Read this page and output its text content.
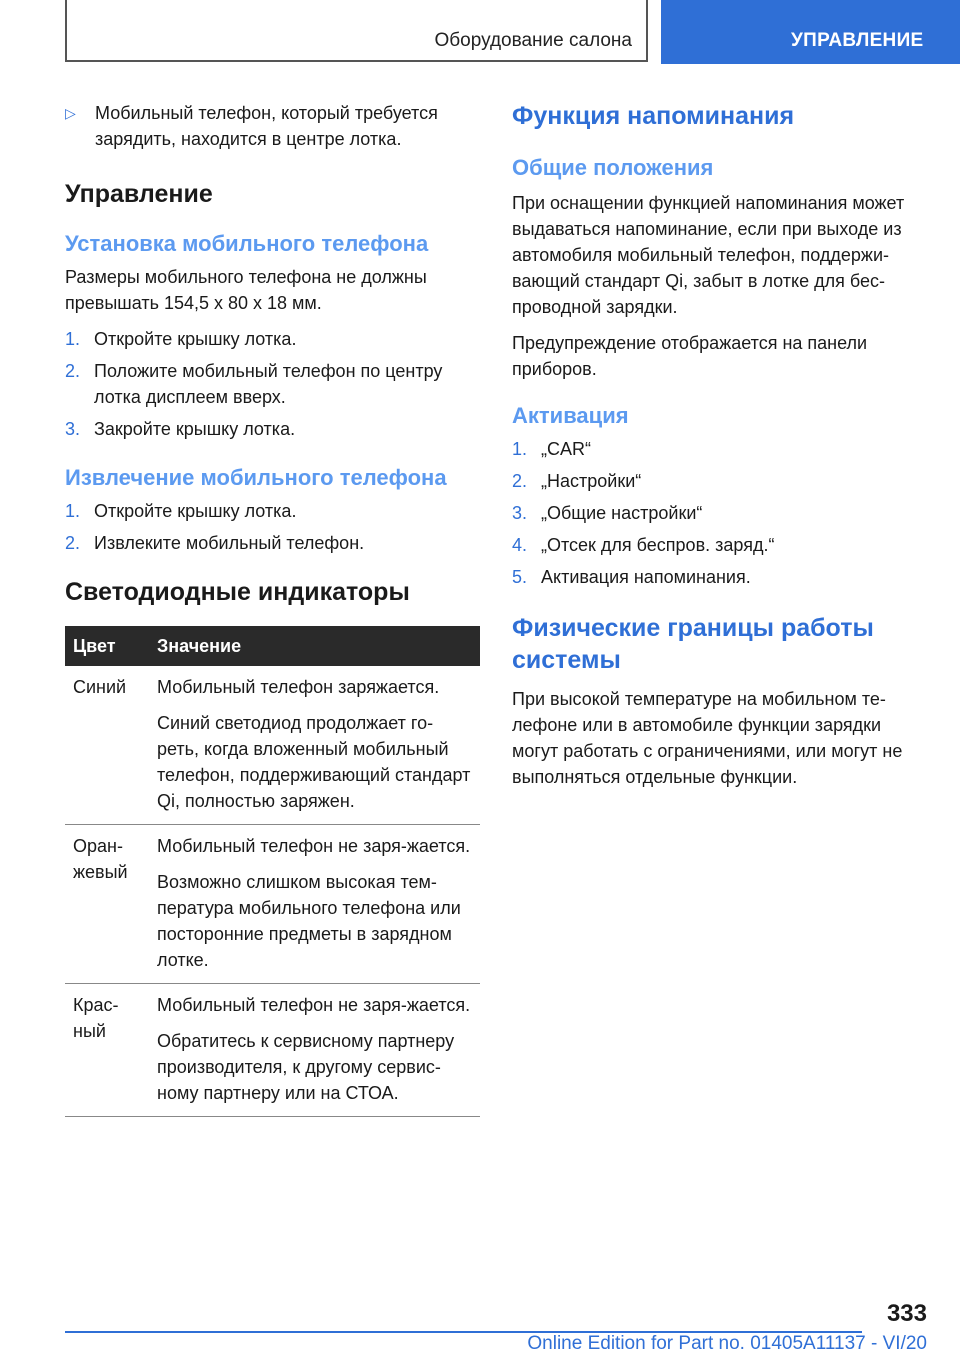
Оборудование салона	УПРАВЛЕНИЕ
▷	Мобильный телефон, который требуется зарядить, находится в центре лотка.
Управление
Установка мобильного телефона

Размеры мобильного телефона не должны превышать 154,5 х 80 х 18 мм.

1. Откройте крышку лотка.
2. Положите мобильный телефон по центру лотка дисплеем вверх.
3. Закройте крышку лотка.
Извлечение мобильного телефона
1. Откройте крышку лотка.
2. Извлеките мобильный телефон.
Светодиодные индикаторы
Цвет	Значение
Синий	Мобильный телефон заряжается.

Синий светодиод продолжает го-реть, когда вложенный мобильный телефон, поддерживающий стандарт Qi, полностью заряжен.

Оран-жевый	Мобильный телефон не заря-жается.

Возможно слишком высокая тем-пература мобильного телефона или посторонние предметы в зарядном лотке.

Крас-ный	Мобильный телефон не заря-жается.

Обратитесь к сервисному партнеру производителя, к другому сервис-ному партнеру или на СТОА.

Функция напоминания
Общие положения

При оснащении функцией напоминания может выдаваться напоминание, если при выходе из автомобиля мобильный телефон, поддержи-вающий стандарт Qi, забыт в лотке для бес-проводной зарядки.

Предупреждение отображается на панели приборов.

Активация
1. „CAR“
2. „Настройки“
3. „Общие настройки“
4. „Отсек для беспров. заряд.“
5. Активация напоминания.
Физические границы работы системы

При высокой температуре на мобильном те-лефоне или в автомобиле функции зарядки могут работать с ограничениями, или могут не выполняться отдельные функции.

333
Online Edition for Part no. 01405A11137 - VI/20
